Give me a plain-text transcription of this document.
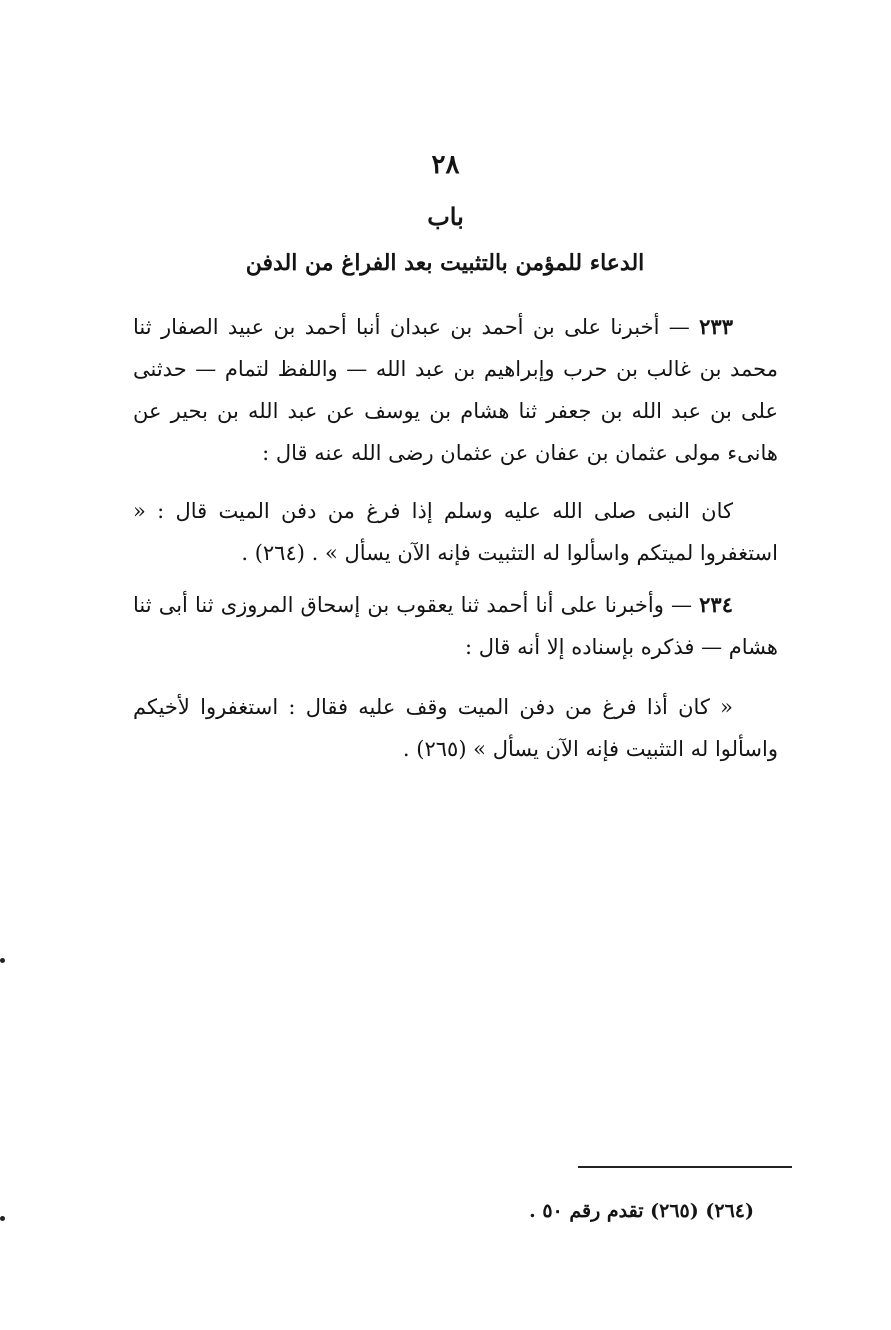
٢٨
باب
الدعاء للمؤمن بالتثبيت بعد الفراغ من الدفن
٢٣٣ — أخبرنا على بن أحمد بن عبدان أنبا أحمد بن عبيد الصفار ثنا محمد بن غالب بن حرب وإبراهيم بن عبد الله — واللفظ لتمام — حدثنى على بن عبد الله بن جعفر ثنا هشام بن يوسف عن عبد الله بن بحير عن هانىء مولى عثمان بن عفان عن عثمان رضى الله عنه قال :
كان النبى صلى الله عليه وسلم إذا فرغ من دفن الميت قال : « استغفروا لميتكم واسألوا له التثبيت فإنه الآن يسأل » . (٢٦٤) .
٢٣٤ — وأخبرنا على أنا أحمد ثنا يعقوب بن إسحاق المروزى ثنا أبى ثنا هشام — فذكره بإسناده إلا أنه قال :
« كان أذا فرغ من دفن الميت وقف عليه فقال : استغفروا لأخيكم واسألوا له التثبيت فإنه الآن يسأل » (٢٦٥) .
(٢٦٤) (٢٦٥) تقدم رقم ٥٠ .
